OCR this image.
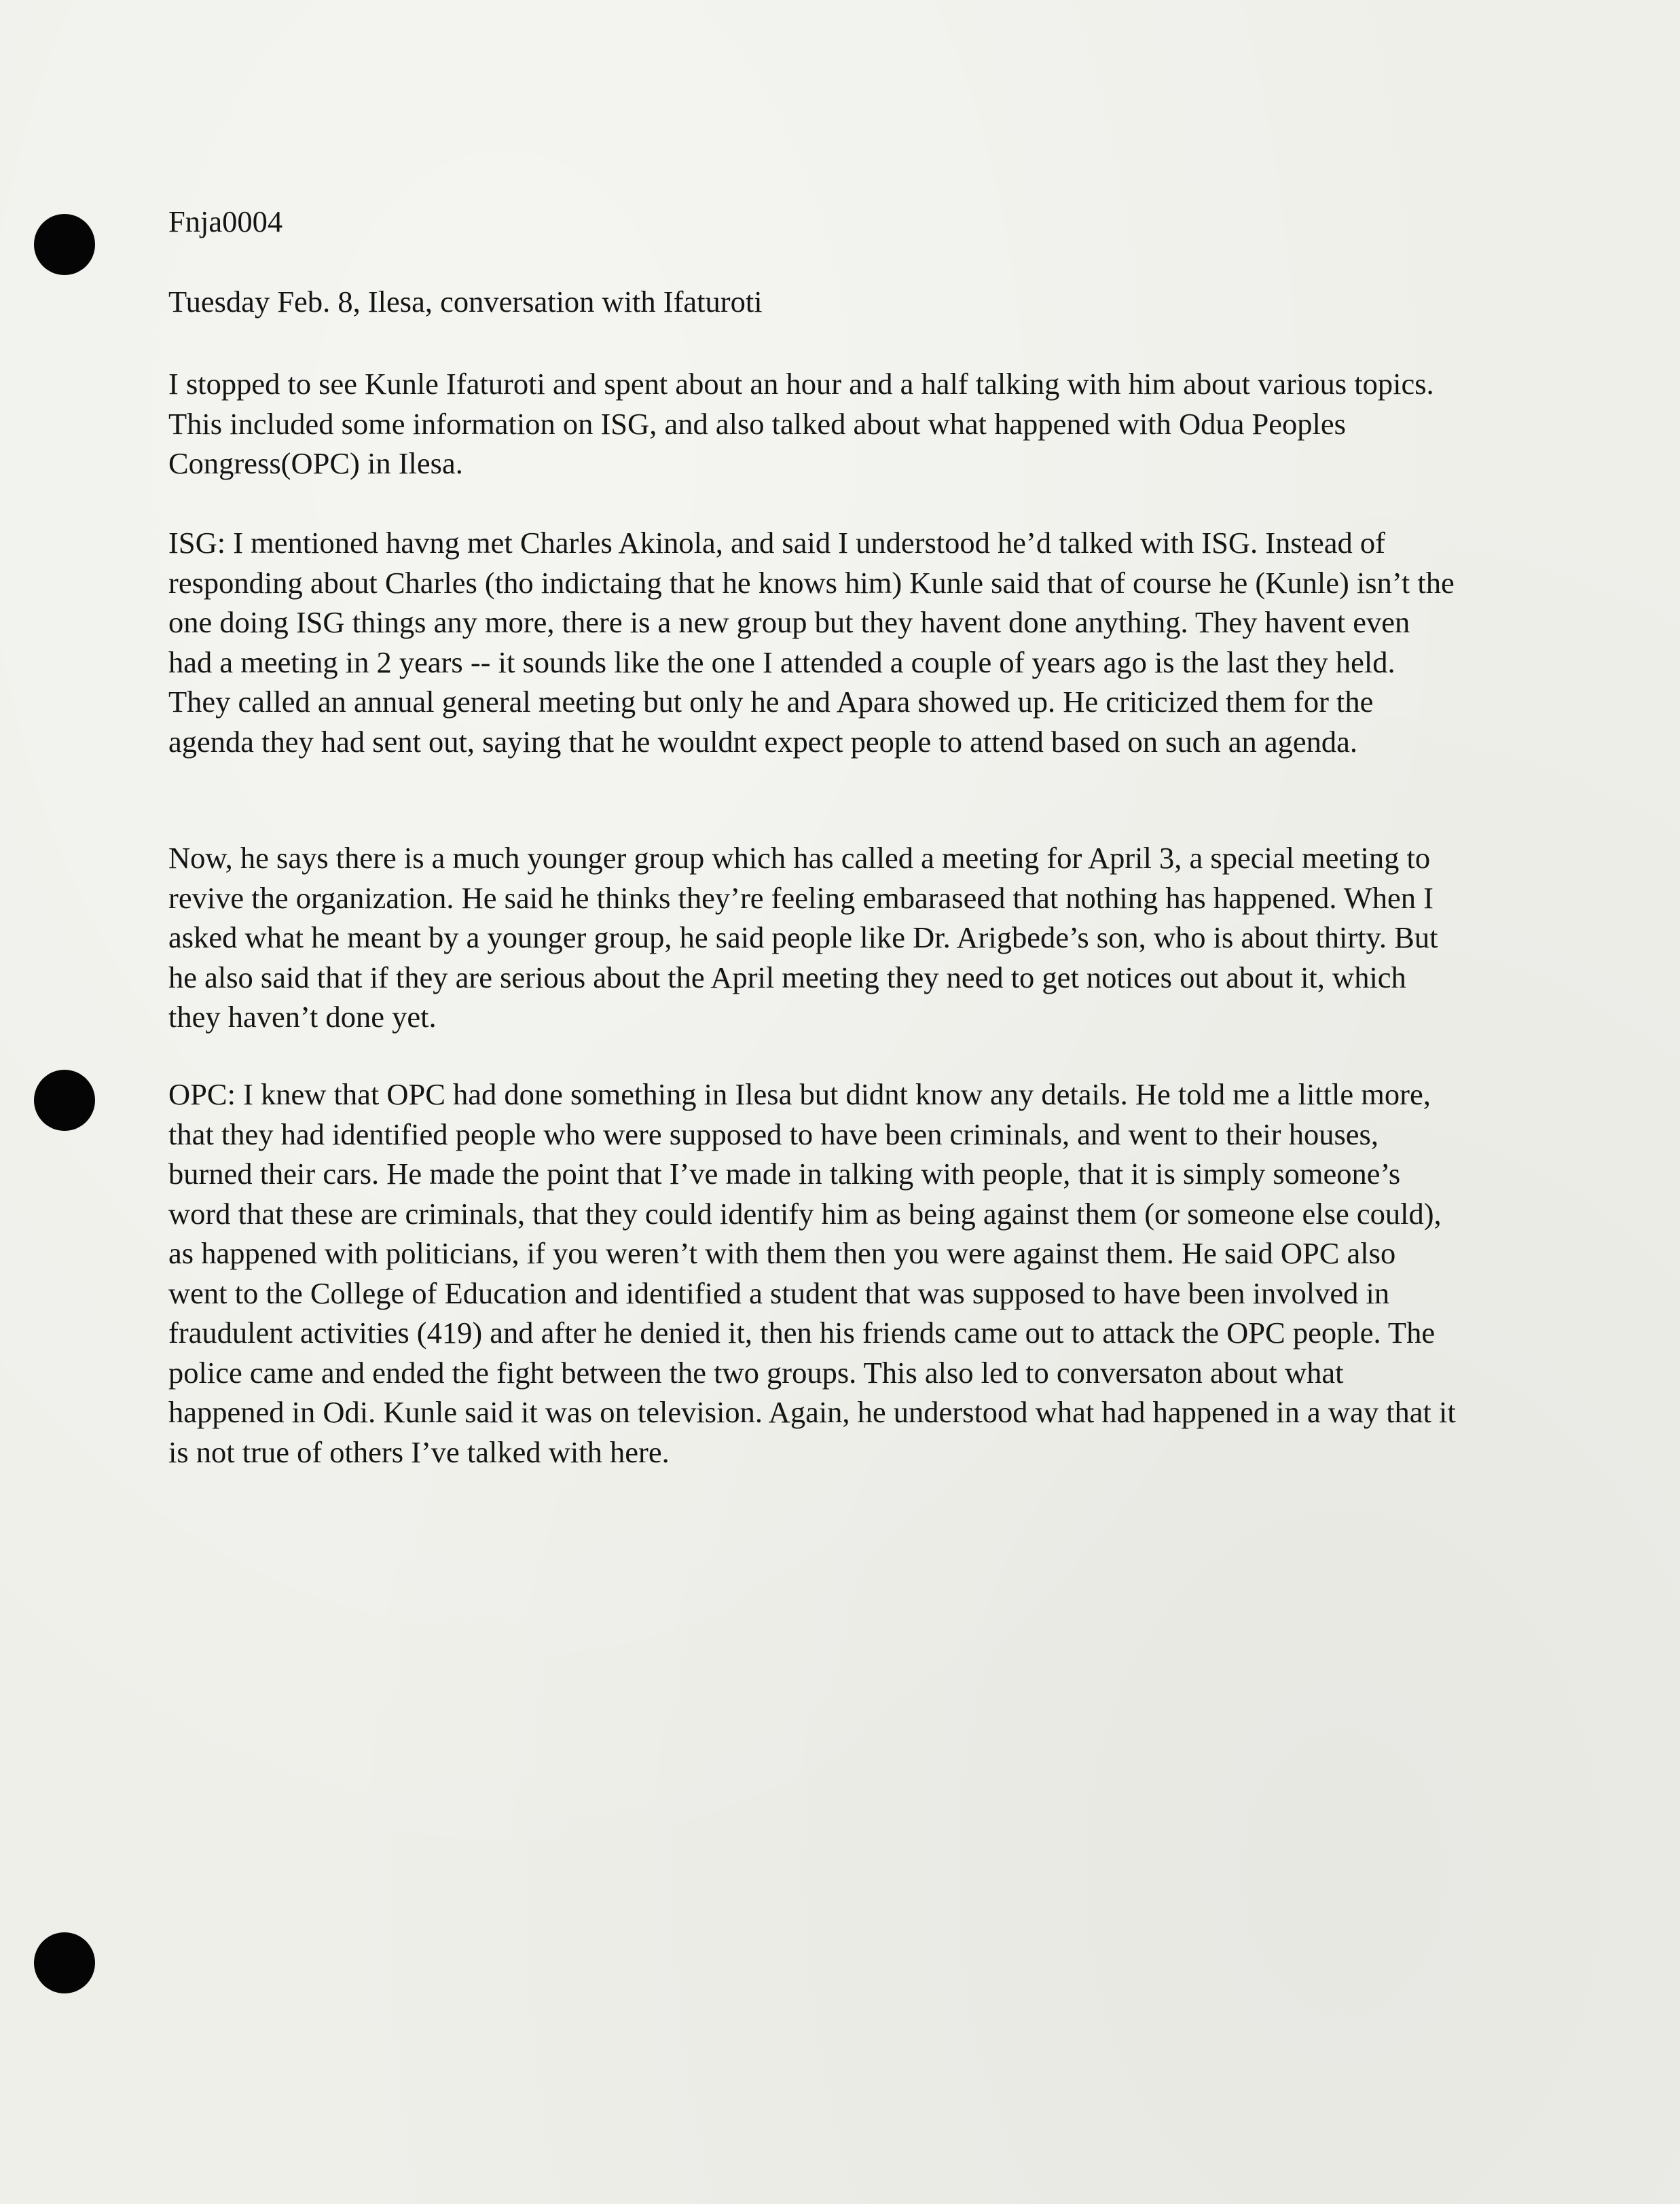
Fnja0004

Tuesday Feb. 8, Ilesa, conversation with Ifaturoti

I stopped to see Kunle Ifaturoti and spent about an hour and a half talking with him about various topics. This included some information on ISG, and also talked about what happened with Odua Peoples Congress(OPC) in Ilesa.

ISG: I mentioned havng met Charles Akinola, and said I understood he’d talked with ISG. Instead of responding about Charles (tho indictaing that he knows him) Kunle said that of course he (Kunle) isn’t the one doing ISG things any more, there is a new group but they havent done anything. They havent even had a meeting in 2 years -- it sounds like the one I attended a couple of years ago is the last they held. They called an annual general meeting but only he and Apara showed up. He criticized them for the agenda they had sent out, saying that he wouldnt expect people to attend based on such an agenda.

Now, he says there is a much younger group which has called a meeting for April 3, a special meeting to revive the organization. He said he thinks they’re feeling embaraseed that nothing has happened. When I asked what he meant by a younger group, he said people like Dr. Arigbede’s son, who is about thirty. But he also said that if they are serious about the April meeting they need to get notices out about it, which they haven’t done yet.

OPC: I knew that OPC had done something in Ilesa but didnt know any details. He told me a little more, that they had identified people who were supposed to have been criminals, and went to their houses, burned their cars. He made the point that I’ve made in talking with people, that it is simply someone’s word that these are criminals, that they could identify him as being against them (or someone else could), as happened with politicians, if you weren’t with them then you were against them. He said OPC also went to the College of Education and identified a student that was supposed to have been involved in fraudulent activities (419) and after he denied it, then his friends came out to attack the OPC people. The police came and ended the fight between the two groups. This also led to conversaton about what happened in Odi. Kunle said it was on television. Again, he understood what had happened in a way that it is not true of others I’ve talked with here.
